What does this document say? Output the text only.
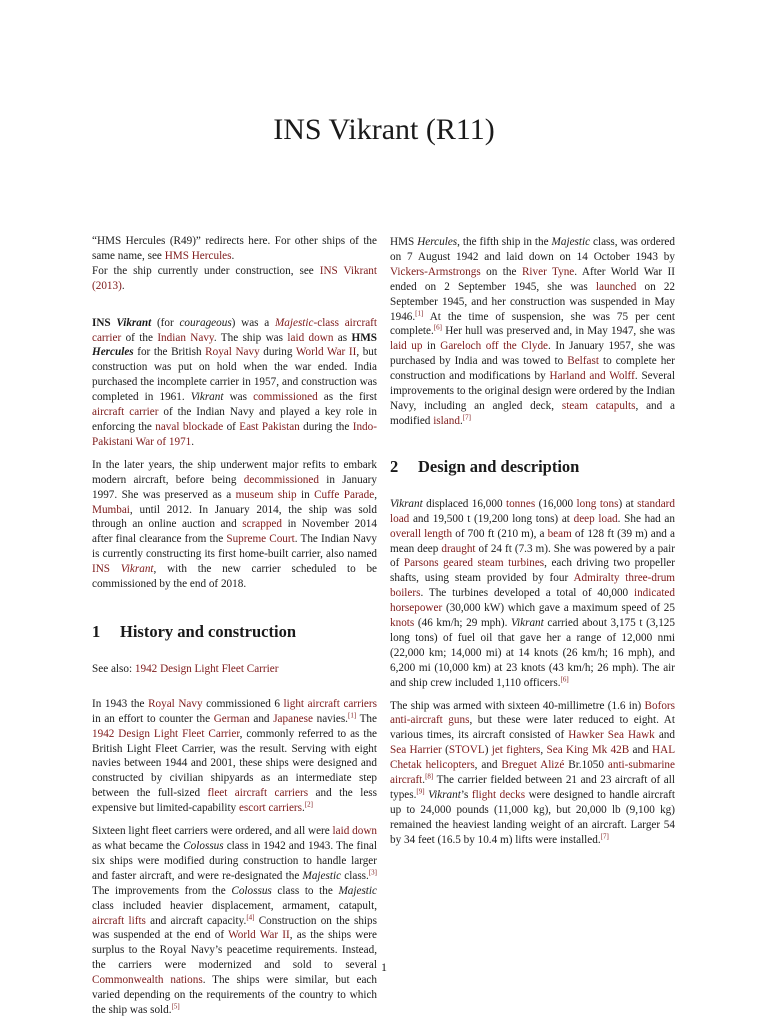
INS Vikrant (R11)

“HMS Hercules (R49)” redirects here. For other ships of the same name, see HMS Hercules.

For the ship currently under construction, see INS Vikrant (2013).

INS Vikrant (for courageous) was a Majestic-class aircraft carrier of the Indian Navy. The ship was laid down as HMS Hercules for the British Royal Navy during World War II, but construction was put on hold when the war ended. India purchased the incomplete carrier in 1957, and construction was completed in 1961. Vikrant was commissioned as the first aircraft carrier of the Indian Navy and played a key role in enforcing the naval blockade of East Pakistan during the Indo-Pakistani War of 1971.

In the later years, the ship underwent major refits to embark modern aircraft, before being decommissioned in January 1997. She was preserved as a museum ship in Cuffe Parade, Mumbai, until 2012. In January 2014, the ship was sold through an online auction and scrapped in November 2014 after final clearance from the Supreme Court. The Indian Navy is currently constructing its first home-built carrier, also named INS Vikrant, with the new carrier scheduled to be commissioned by the end of 2018.

1 History and construction

See also: 1942 Design Light Fleet Carrier

In 1943 the Royal Navy commissioned 6 light aircraft carriers in an effort to counter the German and Japanese navies.[1] The 1942 Design Light Fleet Carrier, commonly referred to as the British Light Fleet Carrier, was the result. Serving with eight navies between 1944 and 2001, these ships were designed and constructed by civilian shipyards as an intermediate step between the full-sized fleet aircraft carriers and the less expensive but limited-capability escort carriers.[2]

Sixteen light fleet carriers were ordered, and all were laid down as what became the Colossus class in 1942 and 1943. The final six ships were modified during construction to handle larger and faster aircraft, and were re-designated the Majestic class.[3] The improvements from the Colossus class to the Majestic class included heavier displacement, armament, catapult, aircraft lifts and aircraft capacity.[4] Construction on the ships was suspended at the end of World War II, as the ships were surplus to the Royal Navy’s peacetime requirements. Instead, the carriers were modernized and sold to several Commonwealth nations. The ships were similar, but each varied depending on the requirements of the country to which the ship was sold.[5]

HMS Hercules, the fifth ship in the Majestic class, was ordered on 7 August 1942 and laid down on 14 October 1943 by Vickers-Armstrongs on the River Tyne. After World War II ended on 2 September 1945, she was launched on 22 September 1945, and her construction was suspended in May 1946.[1] At the time of suspension, she was 75 per cent complete.[6] Her hull was preserved and, in May 1947, she was laid up in Gareloch off the Clyde. In January 1957, she was purchased by India and was towed to Belfast to complete her construction and modifications by Harland and Wolff. Several improvements to the original design were ordered by the Indian Navy, including an angled deck, steam catapults, and a modified island.[7]

2 Design and description

Vikrant displaced 16,000 tonnes (16,000 long tons) at standard load and 19,500 t (19,200 long tons) at deep load. She had an overall length of 700 ft (210 m), a beam of 128 ft (39 m) and a mean deep draught of 24 ft (7.3 m). She was powered by a pair of Parsons geared steam turbines, each driving two propeller shafts, using steam provided by four Admiralty three-drum boilers. The turbines developed a total of 40,000 indicated horsepower (30,000 kW) which gave a maximum speed of 25 knots (46 km/h; 29 mph). Vikrant carried about 3,175 t (3,125 long tons) of fuel oil that gave her a range of 12,000 nmi (22,000 km; 14,000 mi) at 14 knots (26 km/h; 16 mph), and 6,200 mi (10,000 km) at 23 knots (43 km/h; 26 mph). The air and ship crew included 1,110 officers.[6]

The ship was armed with sixteen 40-millimetre (1.6 in) Bofors anti-aircraft guns, but these were later reduced to eight. At various times, its aircraft consisted of Hawker Sea Hawk and Sea Harrier (STOVL) jet fighters, Sea King Mk 42B and HAL Chetak helicopters, and Breguet Alizé Br.1050 anti-submarine aircraft.[8] The carrier fielded between 21 and 23 aircraft of all types.[9] Vikrant’s flight decks were designed to handle aircraft up to 24,000 pounds (11,000 kg), but 20,000 lb (9,100 kg) remained the heaviest landing weight of an aircraft. Larger 54 by 34 feet (16.5 by 10.4 m) lifts were installed.[7]

1
